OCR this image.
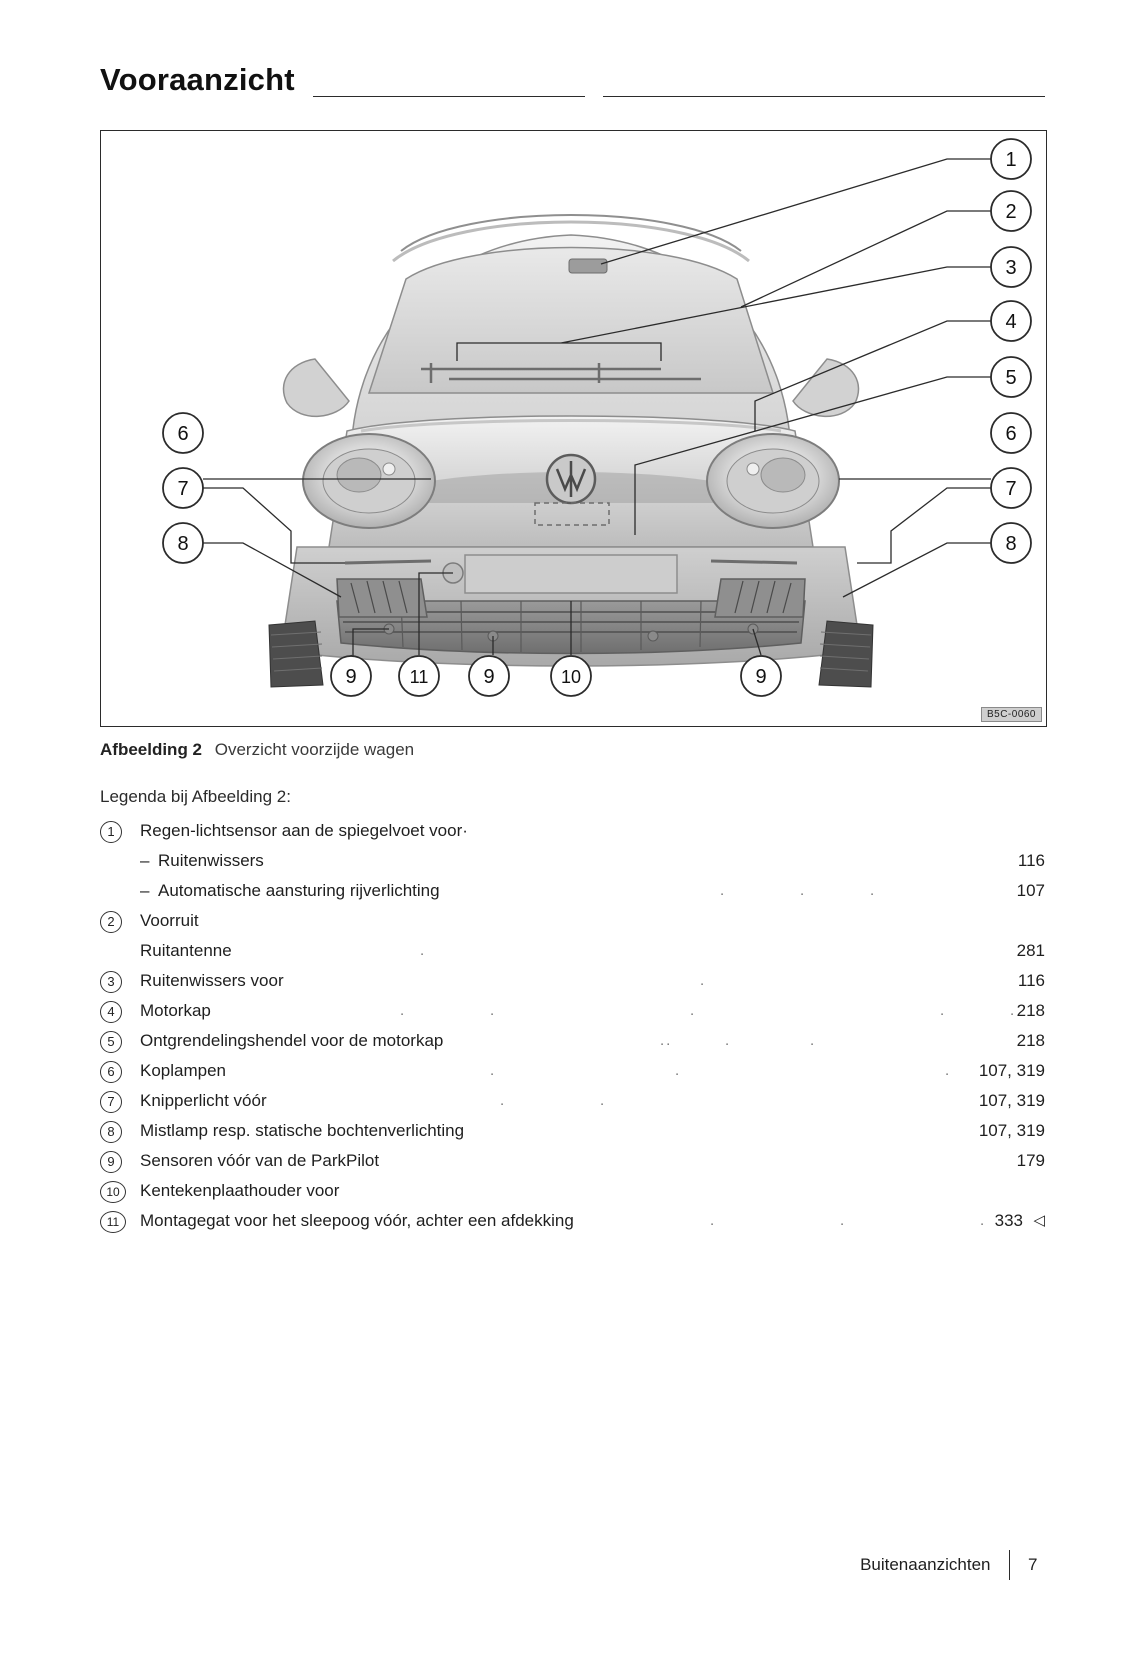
Vooraanzicht
1
2
3
4
5
6
6
7
7
8
8
9	11	9	10	9
B5C-0060
Afbeelding 2 Overzicht voorzijde wagen
Legenda bij Afbeelding 2:
1	Regen-lichtsensor aan de spiegelvoet voor·
– Ruitenwissers	116
– Automatische aansturing rijverlichting	.	.	.	107
2	Voorruit
Ruitantenne	.	281
3	Ruitenwissers voor	.	116
4	Motorkap	.	.	.	.	. 218
5	Ontgrendelingshendel voor de motorkap	..	.	.	218
6	Koplampen	.	.	. 107, 319
7	Knipperlicht vóór	.	.	107, 319
8	Mistlamp resp. statische bochtenverlichting	107, 319
9	Sensoren vóór van de ParkPilot	179
10	Kentekenplaathouder voor
11	Montagegat voor het sleepoog vóór, achter een afdekking	.	.	. 333 ◁
Buitenaanzichten	7
